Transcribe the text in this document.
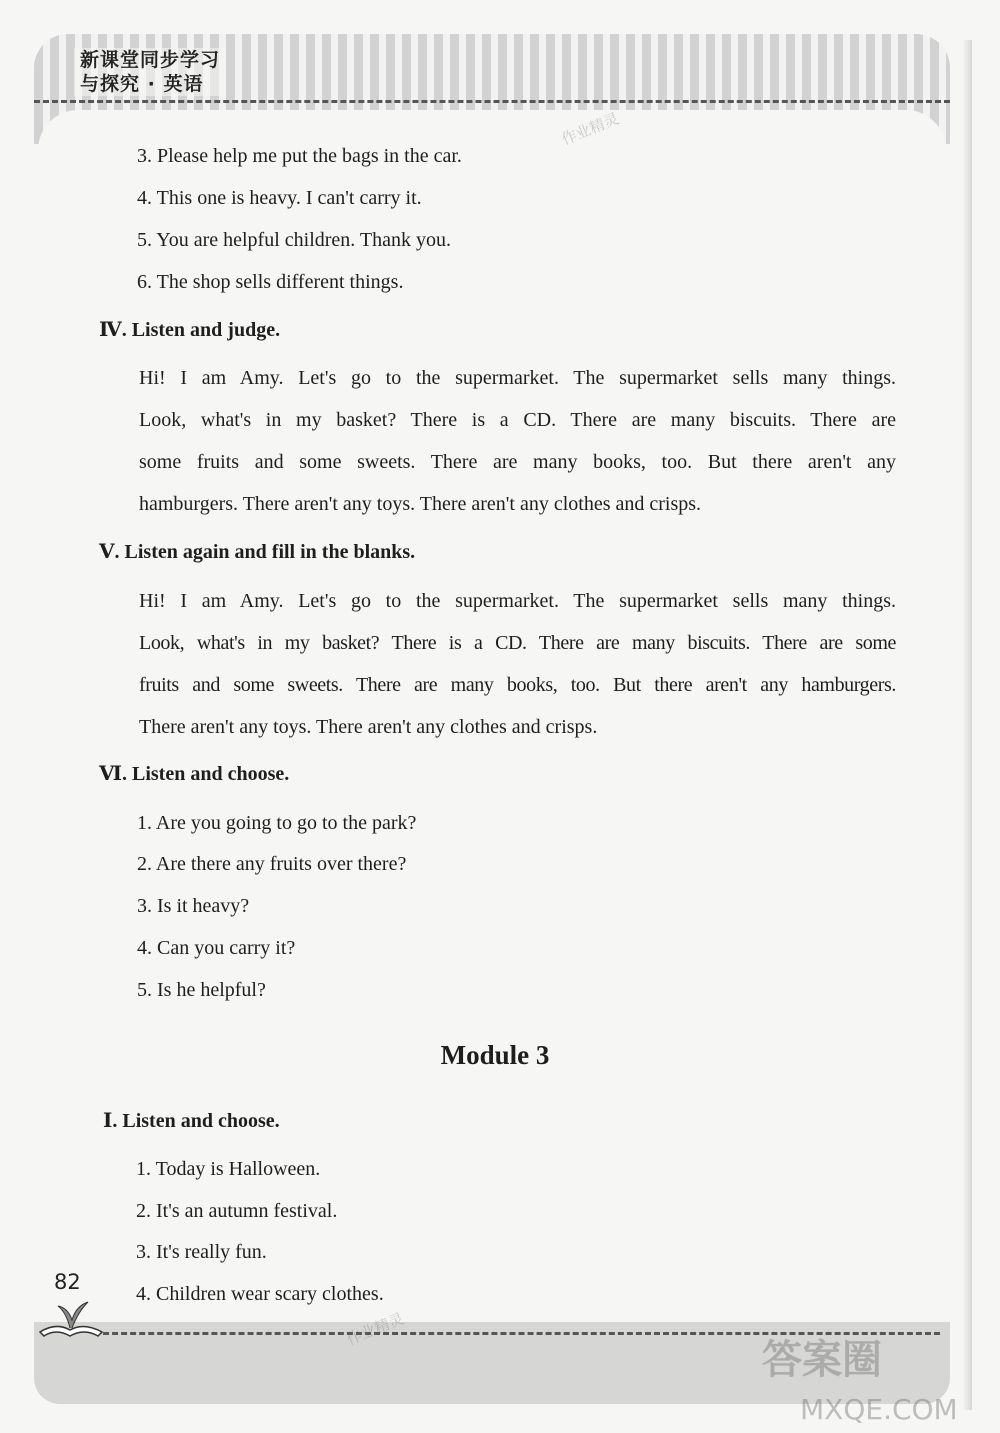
新课堂同步学习
与探究 · 英语
作业精灵
3. Please help me put the bags in the car.
4. This one is heavy. I can't carry it.
5. You are helpful children. Thank you.
6. The shop sells different things.
Ⅳ. Listen and judge.
Hi! I am Amy. Let's go to the supermarket. The supermarket sells many things.
Look, what's in my basket? There is a CD. There are many biscuits. There are
some fruits and some sweets. There are many books, too. But there aren't any
hamburgers. There aren't any toys. There aren't any clothes and crisps.
Ⅴ. Listen again and fill in the blanks.
Hi! I am Amy. Let's go to the supermarket. The supermarket sells many things.
Look, what's in my basket? There is a CD. There are many biscuits. There are some
fruits and some sweets. There are many books, too. But there aren't any hamburgers.
There aren't any toys. There aren't any clothes and crisps.
Ⅵ. Listen and choose.
1. Are you going to go to the park?
2. Are there any fruits over there?
3. Is it heavy?
4. Can you carry it?
5. Is he helpful?
Module 3
Ⅰ. Listen and choose.
1. Today is Halloween.
2. It's an autumn festival.
3. It's really fun.
4. Children wear scary clothes.
82
作业精灵
答案圈
MXQE.COM
